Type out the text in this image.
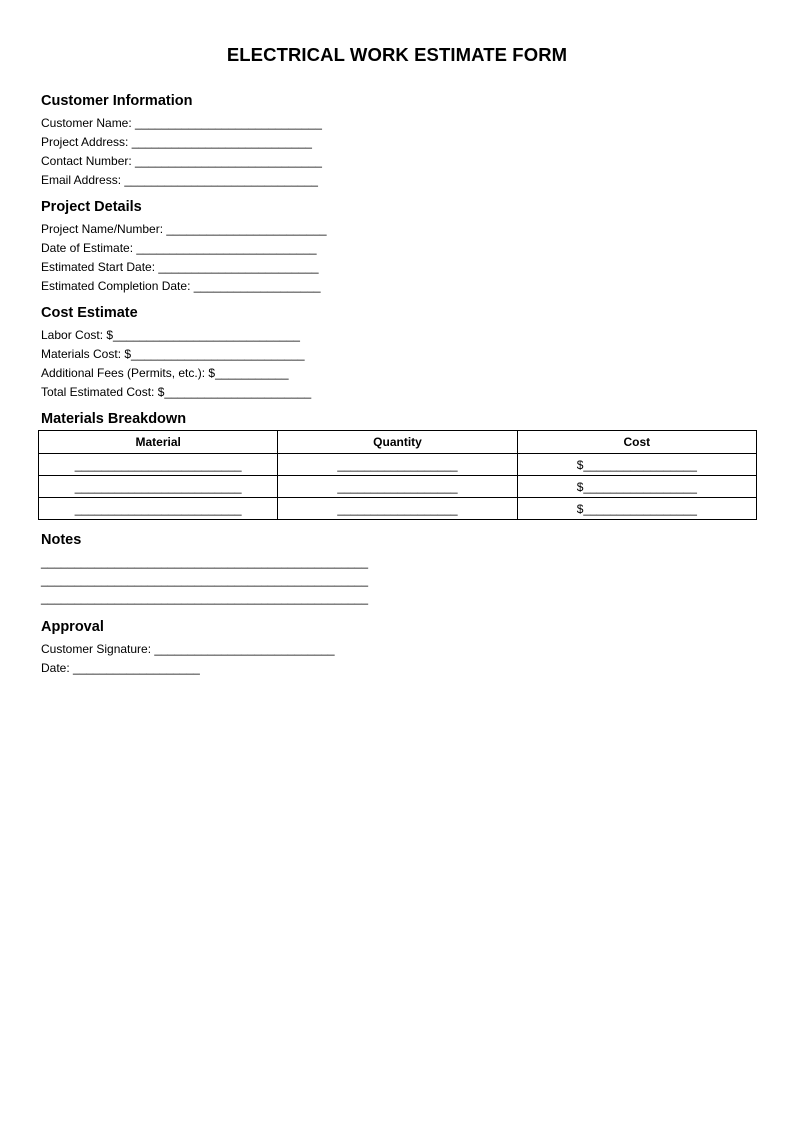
ELECTRICAL WORK ESTIMATE FORM
Customer Information
Customer Name: ____________________________
Project Address: ___________________________
Contact Number: ____________________________
Email Address: _____________________________
Project Details
Project Name/Number: ________________________
Date of Estimate: ___________________________
Estimated Start Date: ________________________
Estimated Completion Date: ___________________
Cost Estimate
Labor Cost: $____________________________
Materials Cost: $__________________________
Additional Fees (Permits, etc.): $___________
Total Estimated Cost: $______________________
Materials Breakdown
Material	Quantity	Cost
_________________________	__________________	$_________________
_________________________	__________________	$_________________
_________________________	__________________	$_________________
Notes
_________________________________________________
_________________________________________________
_________________________________________________
Approval
Customer Signature: ___________________________
Date: ___________________
